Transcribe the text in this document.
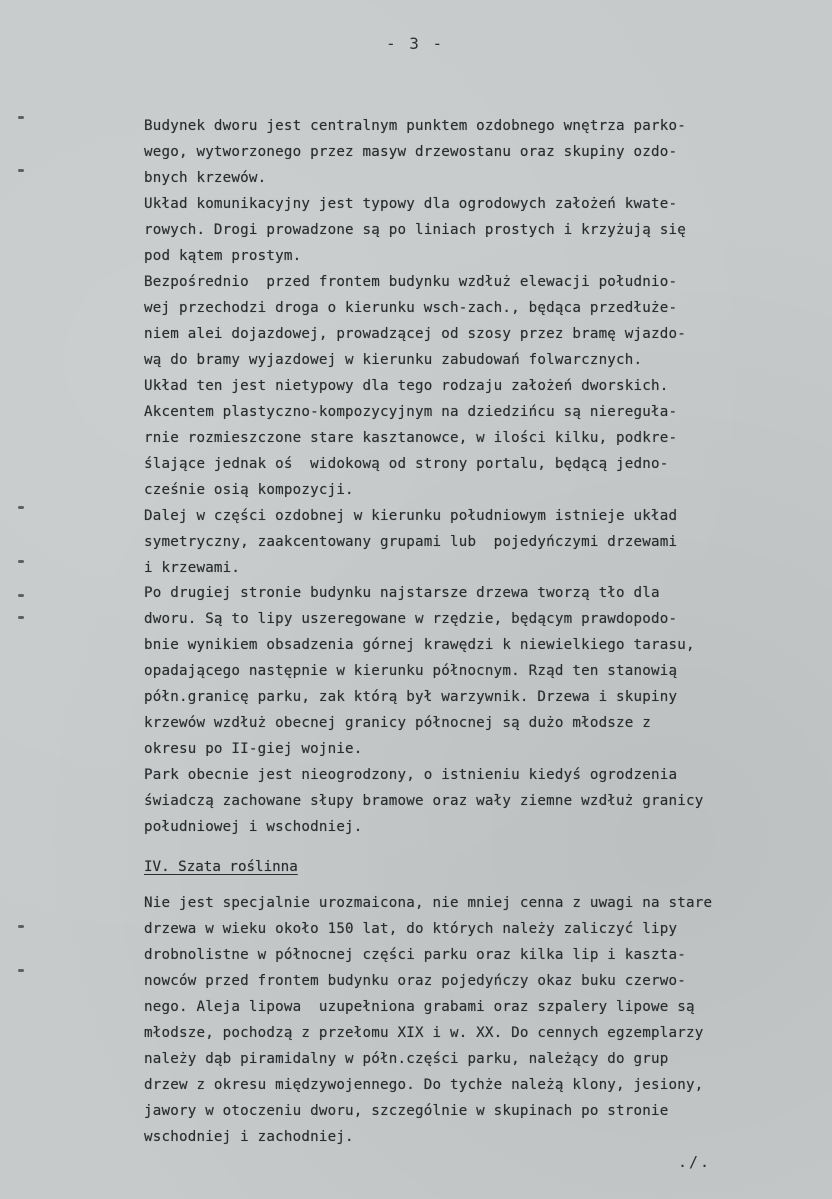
- 3 -
Budynek dworu jest centralnym punktem ozdobnego wnętrza parko-
wego, wytworzonego przez masyw drzewostanu oraz skupiny ozdo-
bnych krzewów.
Układ komunikacyjny jest typowy dla ogrodowych założeń kwate-
rowych. Drogi prowadzone są po liniach prostych i krzyżują się
pod kątem prostym.
Bezpośrednio  przed frontem budynku wzdłuż elewacji południo-
wej przechodzi droga o kierunku wsch-zach., będąca przedłuże-
niem alei dojazdowej, prowadzącej od szosy przez bramę wjazdo-
wą do bramy wyjazdowej w kierunku zabudowań folwarcznych.
Układ ten jest nietypowy dla tego rodzaju założeń dworskich.
Akcentem plastyczno-kompozycyjnym na dziedzińcu są niereguła-
rnie rozmieszczone stare kasztanowce, w ilości kilku, podkre-
ślające jednak oś  widokową od strony portalu, będącą jedno-
cześnie osią kompozycji.
Dalej w części ozdobnej w kierunku południowym istnieje układ
symetryczny, zaakcentowany grupami lub  pojedyńczymi drzewami
i krzewami.
Po drugiej stronie budynku najstarsze drzewa tworzą tło dla
dworu. Są to lipy uszeregowane w rzędzie, będącym prawdopodo-
bnie wynikiem obsadzenia górnej krawędzi k niewielkiego tarasu,
opadającego następnie w kierunku północnym. Rząd ten stanowią
półn.granicę parku, zak którą był warzywnik. Drzewa i skupiny
krzewów wzdłuż obecnej granicy północnej są dużo młodsze z
okresu po II-giej wojnie.
Park obecnie jest nieogrodzony, o istnieniu kiedyś ogrodzenia
świadczą zachowane słupy bramowe oraz wały ziemne wzdłuż granicy
południowej i wschodniej.
IV. Szata roślinna
Nie jest specjalnie urozmaicona, nie mniej cenna z uwagi na stare
drzewa w wieku około 150 lat, do których należy zaliczyć lipy
drobnolistne w północnej części parku oraz kilka lip i kaszta-
nowców przed frontem budynku oraz pojedyńczy okaz buku czerwo-
nego. Aleja lipowa  uzupełniona grabami oraz szpalery lipowe są
młodsze, pochodzą z przełomu XIX i w. XX. Do cennych egzemplarzy
należy dąb piramidalny w półn.części parku, należący do grup
drzew z okresu międzywojennego. Do tychże należą klony, jesiony,
jawory w otoczeniu dworu, szczególnie w skupinach po stronie
wschodniej i zachodniej.
./.
